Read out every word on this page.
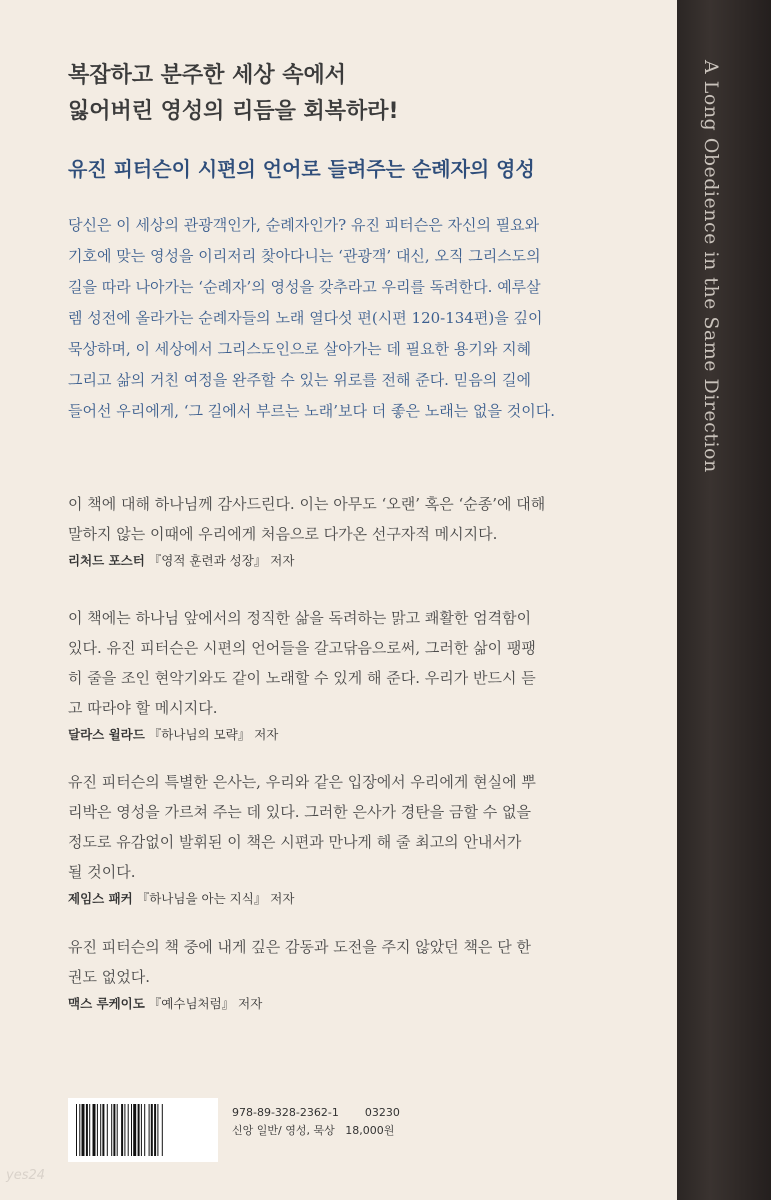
복잡하고 분주한 세상 속에서
잃어버린 영성의 리듬을 회복하라!
유진 피터슨이 시편의 언어로 들려주는 순례자의 영성
당신은 이 세상의 관광객인가, 순례자인가? 유진 피터슨은 자신의 필요와
기호에 맞는 영성을 이리저리 찾아다니는 ‘관광객’ 대신, 오직 그리스도의
길을 따라 나아가는 ‘순례자’의 영성을 갖추라고 우리를 독려한다. 예루살
렘 성전에 올라가는 순례자들의 노래 열다섯 편(시편 120-134편)을 깊이
묵상하며, 이 세상에서 그리스도인으로 살아가는 데 필요한 용기와 지혜
그리고 삶의 거친 여정을 완주할 수 있는 위로를 전해 준다. 믿음의 길에
들어선 우리에게, ‘그 길에서 부르는 노래’보다 더 좋은 노래는 없을 것이다.
이 책에 대해 하나님께 감사드린다. 이는 아무도 ‘오랜’ 혹은 ‘순종’에 대해
말하지 않는 이때에 우리에게 처음으로 다가온 선구자적 메시지다.
리처드 포스터 『영적 훈련과 성장』 저자
이 책에는 하나님 앞에서의 정직한 삶을 독려하는 맑고 쾌활한 엄격함이
있다. 유진 피터슨은 시편의 언어들을 갈고닦음으로써, 그러한 삶이 팽팽
히 줄을 조인 현악기와도 같이 노래할 수 있게 해 준다. 우리가 반드시 듣
고 따라야 할 메시지다.
달라스 윌라드 『하나님의 모략』 저자
유진 피터슨의 특별한 은사는, 우리와 같은 입장에서 우리에게 현실에 뿌
리박은 영성을 가르쳐 주는 데 있다. 그러한 은사가 경탄을 금할 수 없을
정도로 유감없이 발휘된 이 책은 시편과 만나게 해 줄 최고의 안내서가
될 것이다.
제임스 패커 『하나님을 아는 지식』 저자
유진 피터슨의 책 중에 내게 깊은 감동과 도전을 주지 않았던 책은 단 한
권도 없었다.
맥스 루케이도 『예수님처럼』 저자
978-89-328-2362-1 03230
신앙 일반/ 영성, 묵상 18,000원
yes24
A Long Obedience in the Same Direction
